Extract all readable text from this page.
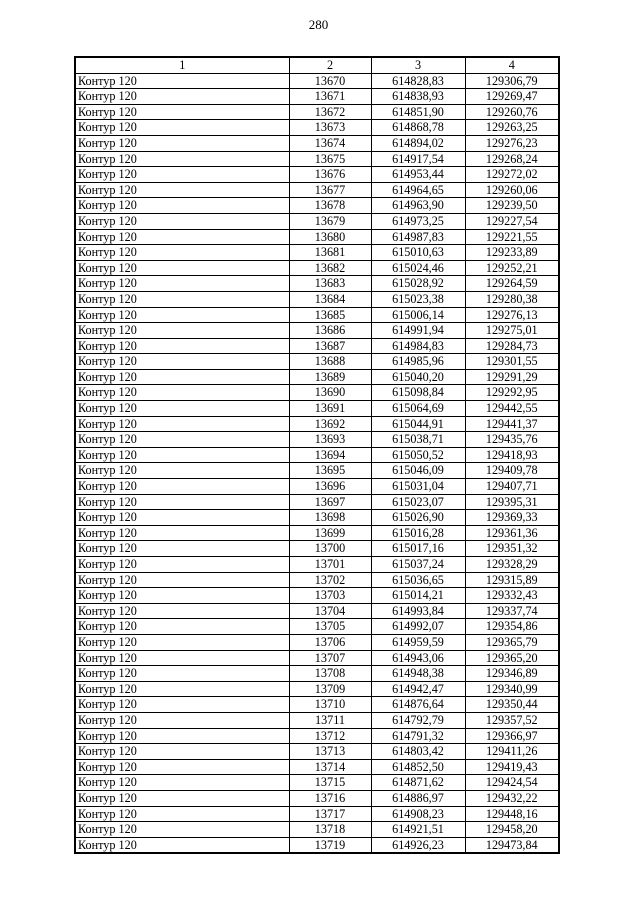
280
1	2	3	4
Контур 120	13670	614828,83	129306,79
Контур 120	13671	614838,93	129269,47
Контур 120	13672	614851,90	129260,76
Контур 120	13673	614868,78	129263,25
Контур 120	13674	614894,02	129276,23
Контур 120	13675	614917,54	129268,24
Контур 120	13676	614953,44	129272,02
Контур 120	13677	614964,65	129260,06
Контур 120	13678	614963,90	129239,50
Контур 120	13679	614973,25	129227,54
Контур 120	13680	614987,83	129221,55
Контур 120	13681	615010,63	129233,89
Контур 120	13682	615024,46	129252,21
Контур 120	13683	615028,92	129264,59
Контур 120	13684	615023,38	129280,38
Контур 120	13685	615006,14	129276,13
Контур 120	13686	614991,94	129275,01
Контур 120	13687	614984,83	129284,73
Контур 120	13688	614985,96	129301,55
Контур 120	13689	615040,20	129291,29
Контур 120	13690	615098,84	129292,95
Контур 120	13691	615064,69	129442,55
Контур 120	13692	615044,91	129441,37
Контур 120	13693	615038,71	129435,76
Контур 120	13694	615050,52	129418,93
Контур 120	13695	615046,09	129409,78
Контур 120	13696	615031,04	129407,71
Контур 120	13697	615023,07	129395,31
Контур 120	13698	615026,90	129369,33
Контур 120	13699	615016,28	129361,36
Контур 120	13700	615017,16	129351,32
Контур 120	13701	615037,24	129328,29
Контур 120	13702	615036,65	129315,89
Контур 120	13703	615014,21	129332,43
Контур 120	13704	614993,84	129337,74
Контур 120	13705	614992,07	129354,86
Контур 120	13706	614959,59	129365,79
Контур 120	13707	614943,06	129365,20
Контур 120	13708	614948,38	129346,89
Контур 120	13709	614942,47	129340,99
Контур 120	13710	614876,64	129350,44
Контур 120	13711	614792,79	129357,52
Контур 120	13712	614791,32	129366,97
Контур 120	13713	614803,42	129411,26
Контур 120	13714	614852,50	129419,43
Контур 120	13715	614871,62	129424,54
Контур 120	13716	614886,97	129432,22
Контур 120	13717	614908,23	129448,16
Контур 120	13718	614921,51	129458,20
Контур 120	13719	614926,23	129473,84
